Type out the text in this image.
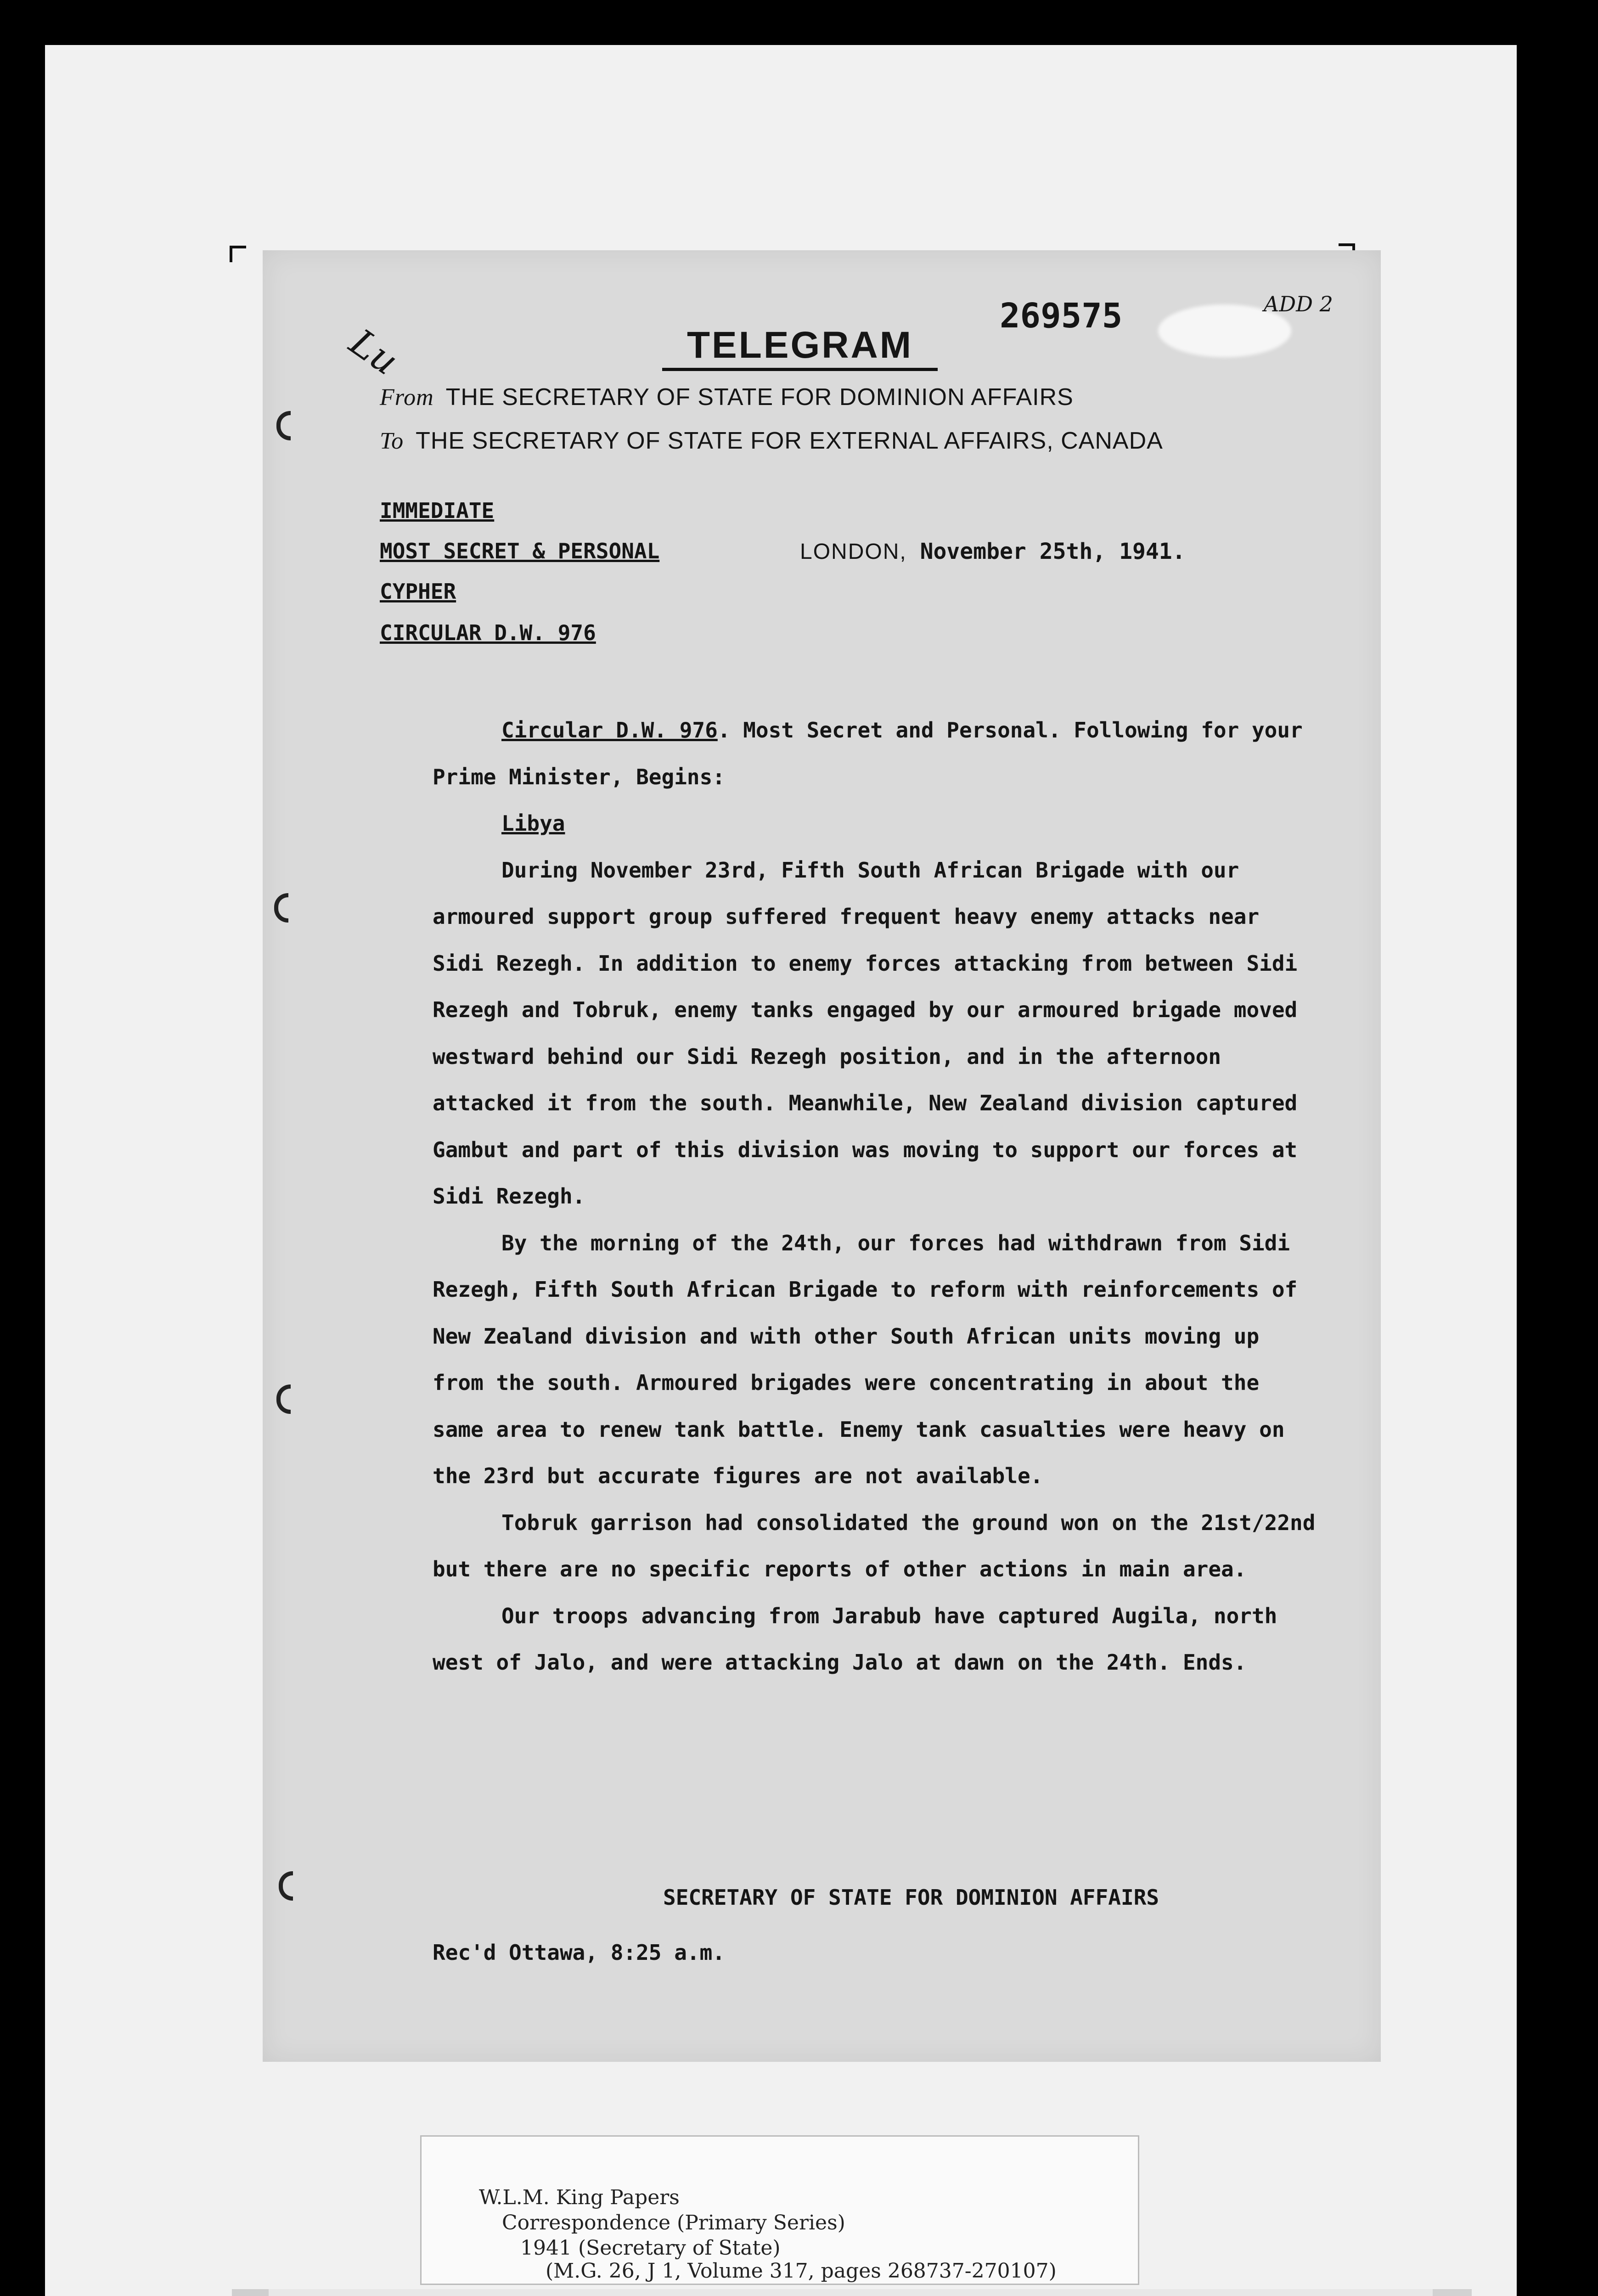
Lu	TELEGRAM
269575	ADD 2
From THE SECRETARY OF STATE FOR DOMINION AFFAIRS
To THE SECRETARY OF STATE FOR EXTERNAL AFFAIRS, CANADA
IMMEDIATE
MOST SECRET & PERSONAL
CYPHER
CIRCULAR D.W. 976
LONDON, November 25th, 1941.

Circular D.W. 976. Most Secret and Personal. Following for your Prime Minister, Begins:

Libya

During November 23rd, Fifth South African Brigade with our armoured support group suffered frequent heavy enemy attacks near Sidi Rezegh. In addition to enemy forces attacking from between Sidi Rezegh and Tobruk, enemy tanks engaged by our armoured brigade moved westward behind our Sidi Rezegh position, and in the afternoon attacked it from the south. Meanwhile, New Zealand division captured Gambut and part of this division was moving to support our forces at Sidi Rezegh.

By the morning of the 24th, our forces had withdrawn from Sidi Rezegh, Fifth South African Brigade to reform with reinforcements of New Zealand division and with other South African units moving up from the south. Armoured brigades were concentrating in about the same area to renew tank battle. Enemy tank casualties were heavy on the 23rd but accurate figures are not available.

Tobruk garrison had consolidated the ground won on the 21st/22nd but there are no specific reports of other actions in main area.

Our troops advancing from Jarabub have captured Augila, north west of Jalo, and were attacking Jalo at dawn on the 24th. Ends.

SECRETARY OF STATE FOR DOMINION AFFAIRS
Rec'd Ottawa, 8:25 a.m.
W.L.M. King Papers
Correspondence (Primary Series)
1941 (Secretary of State)
(M.G. 26, J 1, Volume 317, pages 268737-270107)
